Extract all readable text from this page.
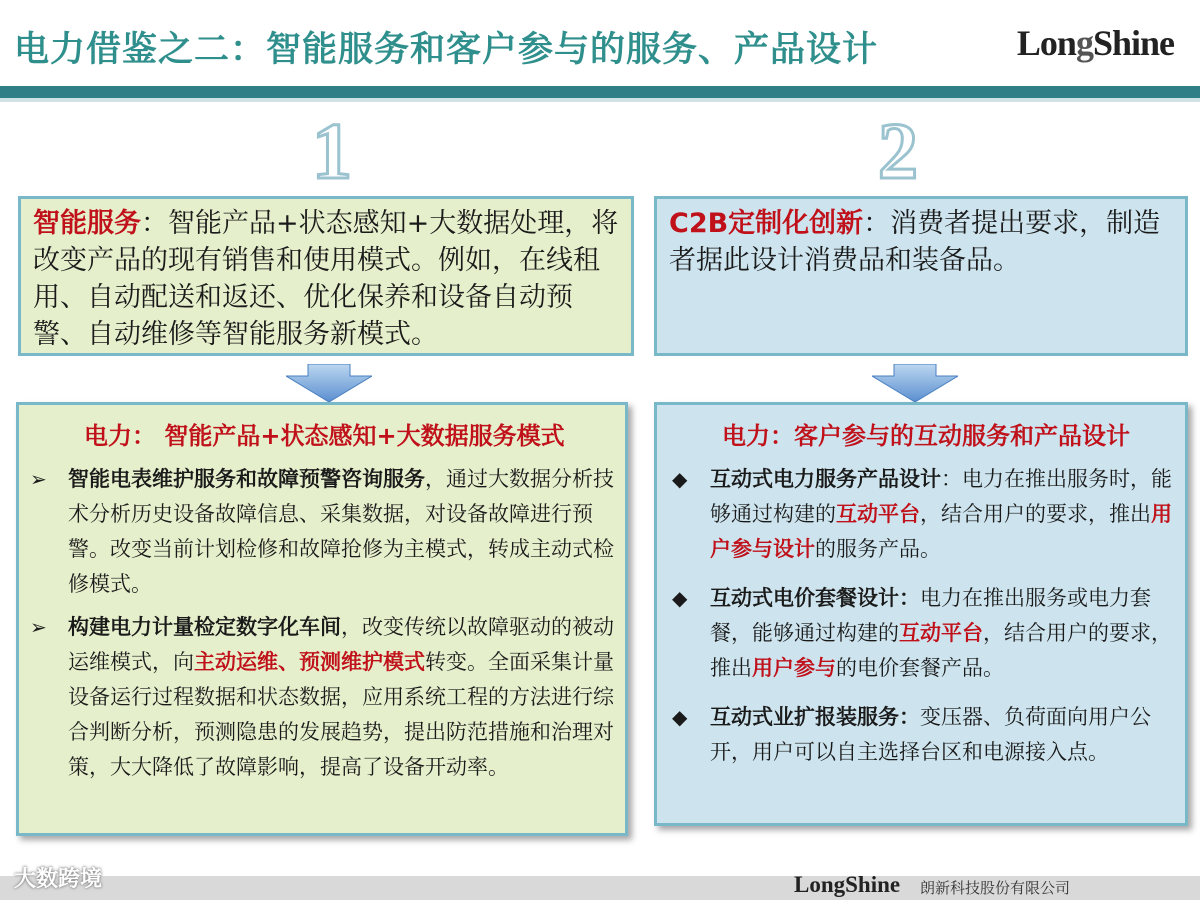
电力借鉴之二：智能服务和客户参与的服务、产品设计	LongShine
1	2
智能服务：智能产品+状态感知+大数据处理，将改变产品的现有销售和使用模式。例如，在线租用、自动配送和返还、优化保养和设备自动预警、自动维修等智能服务新模式。
C2B定制化创新：消费者提出要求，制造者据此设计消费品和装备品。
电力： 智能产品+状态感知+大数据服务模式
➢ 智能电表维护服务和故障预警咨询服务，通过大数据分析技术分析历史设备故障信息、采集数据，对设备故障进行预警。改变当前计划检修和故障抢修为主模式，转成主动式检修模式。
➢ 构建电力计量检定数字化车间，改变传统以故障驱动的被动运维模式，向主动运维、预测维护模式转变。全面采集计量设备运行过程数据和状态数据，应用系统工程的方法进行综合判断分析，预测隐患的发展趋势，提出防范措施和治理对策，大大降低了故障影响，提高了设备开动率。
电力：客户参与的互动服务和产品设计
◆ 互动式电力服务产品设计：电力在推出服务时，能够通过构建的互动平台，结合用户的要求，推出用户参与设计的服务产品。
◆ 互动式电价套餐设计：电力在推出服务或电力套餐，能够通过构建的互动平台，结合用户的要求，推出用户参与的电价套餐产品。
◆ 互动式业扩报装服务：变压器、负荷面向用户公开，用户可以自主选择台区和电源接入点。
大数跨境	LongShine 朗新科技股份有限公司
